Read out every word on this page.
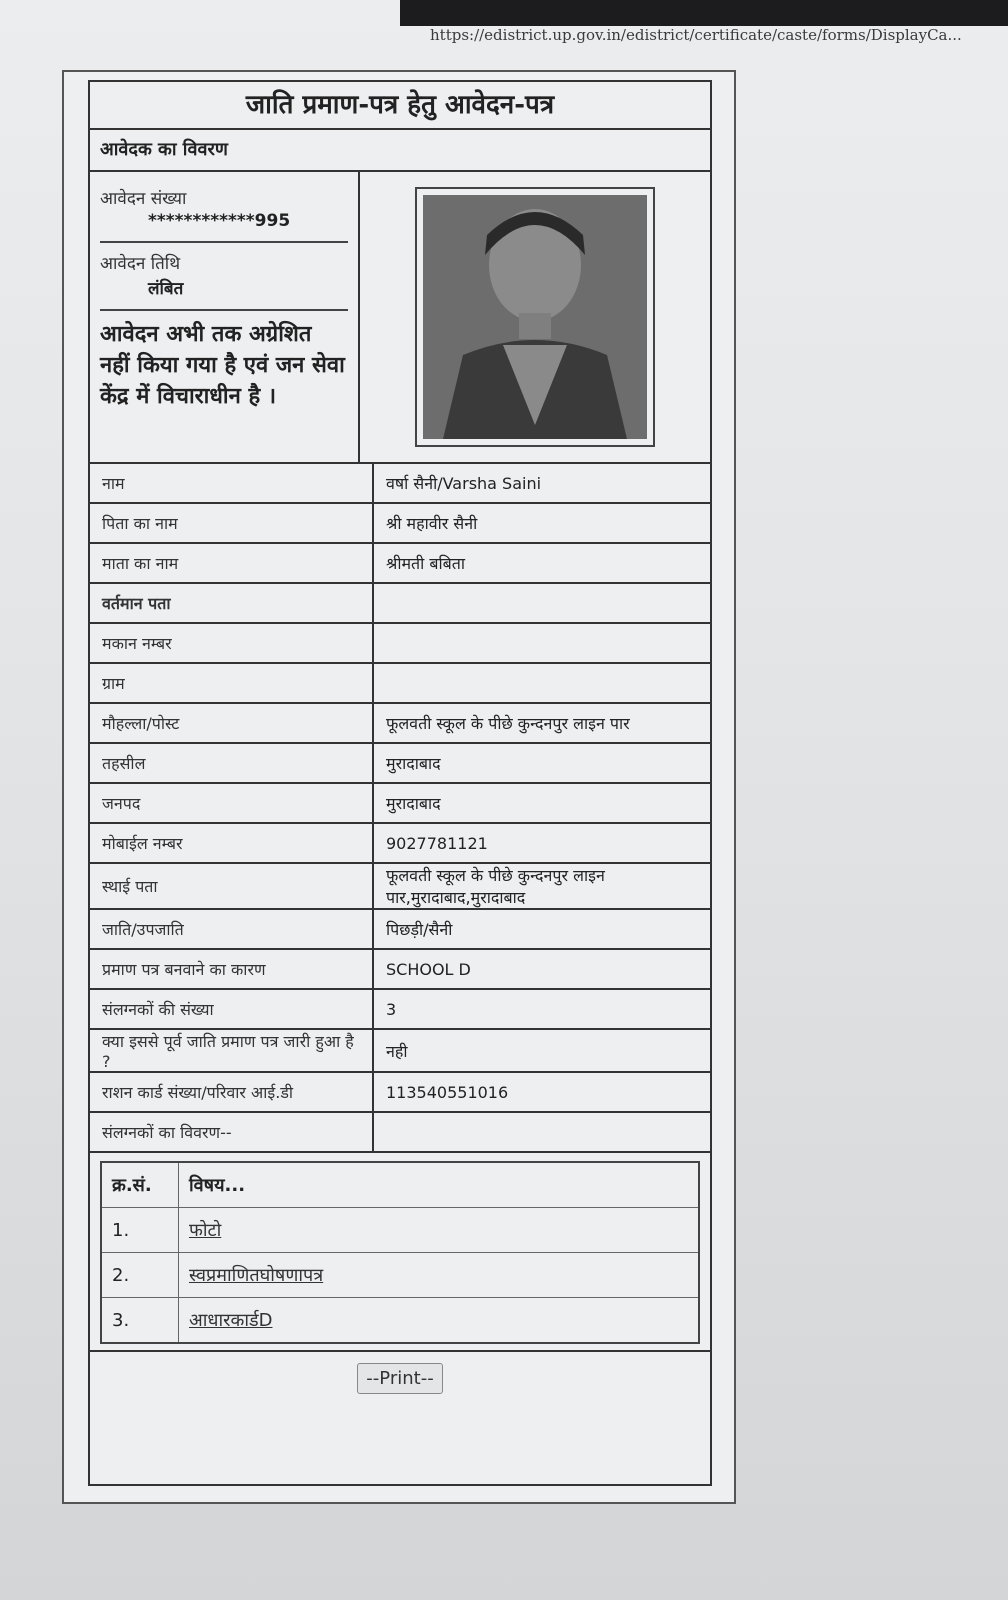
https://edistrict.up.gov.in/edistrict/certificate/caste/forms/DisplayCa...
जाति प्रमाण-पत्र हेतु आवेदन-पत्र
आवेदक का विवरण
आवेदन संख्या
************995
आवेदन तिथि
लंबित
आवेदन अभी तक अग्रेशित नहीं किया गया है एवं जन सेवा केंद्र में विचाराधीन है ।
नाम	वर्षा सैनी/Varsha Saini
पिता का नाम	श्री महावीर सैनी
माता का नाम	श्रीमती बबिता
वर्तमान पता	
मकान नम्बर	
ग्राम	
मौहल्ला/पोस्ट	फूलवती स्कूल के पीछे कुन्दनपुर लाइन पार
तहसील	मुरादाबाद
जनपद	मुरादाबाद
मोबाईल नम्बर	9027781121
स्थाई पता	फूलवती स्कूल के पीछे कुन्दनपुर लाइन पार,मुरादाबाद,मुरादाबाद
जाति/उपजाति	पिछड़ी/सैनी
प्रमाण पत्र बनवाने का कारण	SCHOOL D
संलग्नकों की संख्या	3
क्या इससे पूर्व जाति प्रमाण पत्र जारी हुआ है ?	नही
राशन कार्ड संख्या/परिवार आई.डी	113540551016
संलग्नकों का विवरण--	
क्र.सं.	विषय...
1.	फोटो
2.	स्वप्रमाणितघोषणापत्र
3.	आधारकार्डD
--Print--
